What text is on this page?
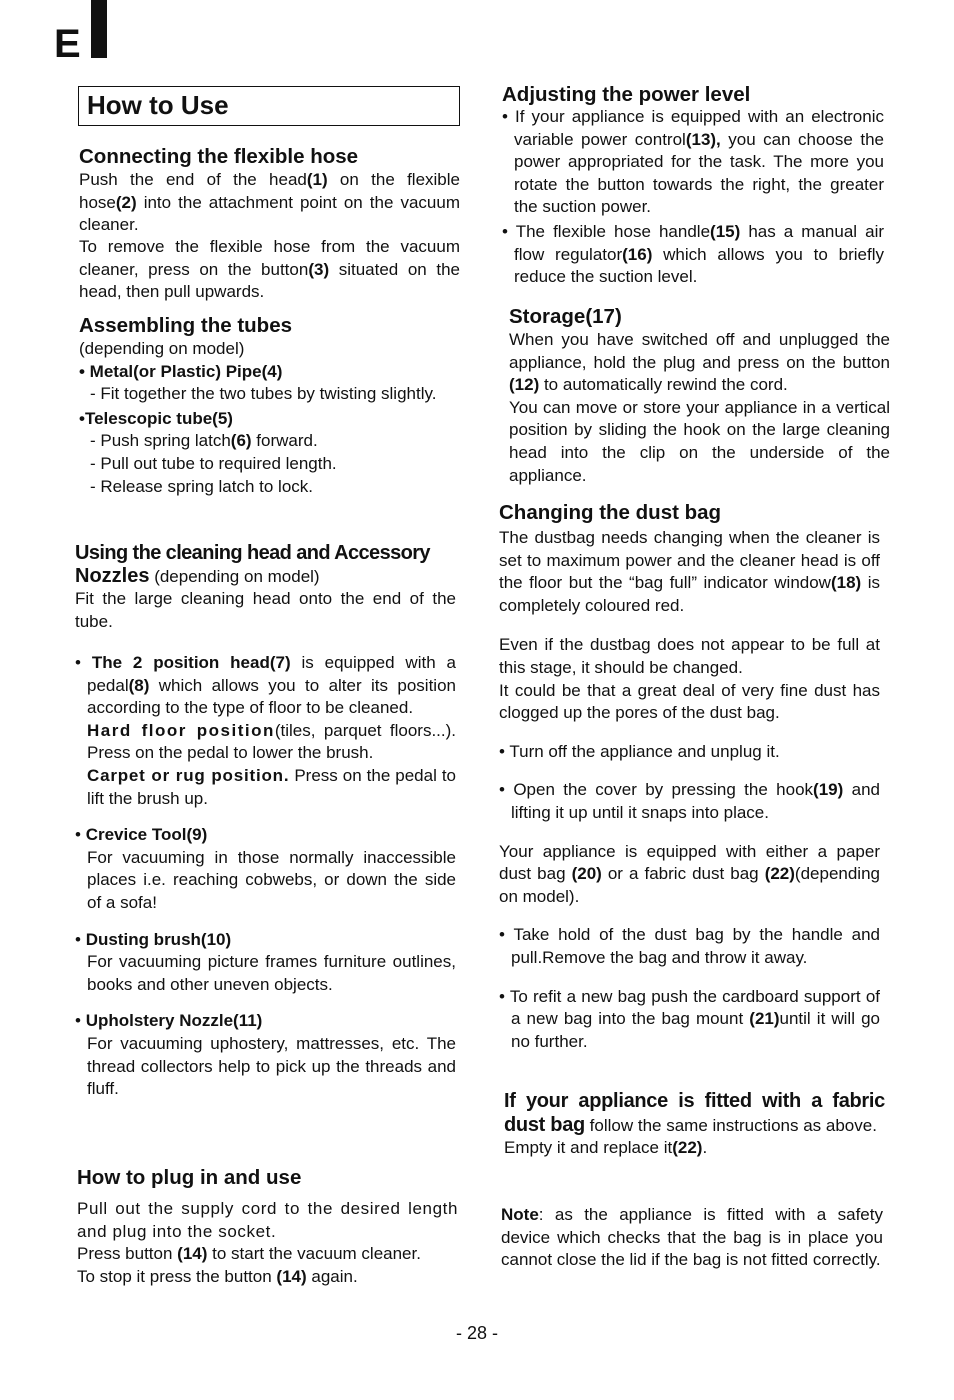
E
How to Use
Connecting the flexible hose
Push the end of the head(1) on the flexible hose(2) into the attachment point on the vacuum cleaner.
To remove the flexible hose from the vacuum cleaner, press on the button(3) situated on the head, then pull upwards.
Assembling the tubes
(depending on model)
• Metal(or Plastic) Pipe(4)
- Fit together the two tubes by twisting slightly.
•Telescopic tube(5)
- Push spring latch(6) forward.
- Pull out tube to required length.
- Release spring latch to lock.
Using the cleaning head and Accessory
Nozzles (depending on model)
Fit the large cleaning head onto the end of the tube.
• The 2 position head(7) is equipped with a pedal(8) which allows you to alter its position according to the type of floor to be cleaned.
Hard floor position(tiles, parquet floors...). Press on the pedal to lower the brush.
Carpet or rug position. Press on the pedal to lift the brush up.
• Crevice Tool(9)
For vacuuming in those normally inaccessible places i.e. reaching cobwebs, or down the side of a sofa!
• Dusting brush(10)
For vacuuming picture frames furniture outlines, books and other uneven objects.
• Upholstery Nozzle(11)
For vacuuming uphostery, mattresses, etc. The thread collectors help to pick up the threads and fluff.
How to plug in and use
Pull out the supply cord to the desired length and plug into the socket.
Press button (14) to start the vacuum cleaner.
To stop it press the button (14) again.
Adjusting the power level
• If your appliance is equipped with an electronic variable power control(13), you can choose the power appropriated for the task. The more you rotate the button towards the right, the greater the suction power.
• The flexible hose handle(15) has a manual air flow regulator(16) which allows you to briefly reduce the suction level.
Storage(17)
When you have switched off and unplugged the appliance, hold the plug and press on the button (12) to automatically rewind the cord.
You can move or store your appliance in a vertical position by sliding the hook on the large cleaning head into the clip on the underside of the appliance.
Changing the dust bag
The dustbag needs changing when the cleaner is set to maximum power and the cleaner head is off the floor but the “bag full” indicator window(18) is completely coloured red.
Even if the dustbag does not appear to be full at this stage, it should be changed.
It could be that a great deal of very fine dust has clogged up the pores of the dust bag.
• Turn off the appliance and unplug it.
• Open the cover by pressing the hook(19) and lifting it up until it snaps into place.
Your appliance is equipped with either a paper dust bag (20) or a fabric dust bag (22)(depending on model).
• Take hold of the dust bag by the handle and pull.Remove the bag and throw it away.
• To refit a new bag push the cardboard support of a new bag into the bag mount (21)until it will go no further.
If your appliance is fitted with a fabric dust bag follow the same instructions as above.
Empty it and replace it(22).
Note: as the appliance is fitted with a safety device which checks that the bag is in place you cannot close the lid if the bag is not fitted correctly.
- 28 -
